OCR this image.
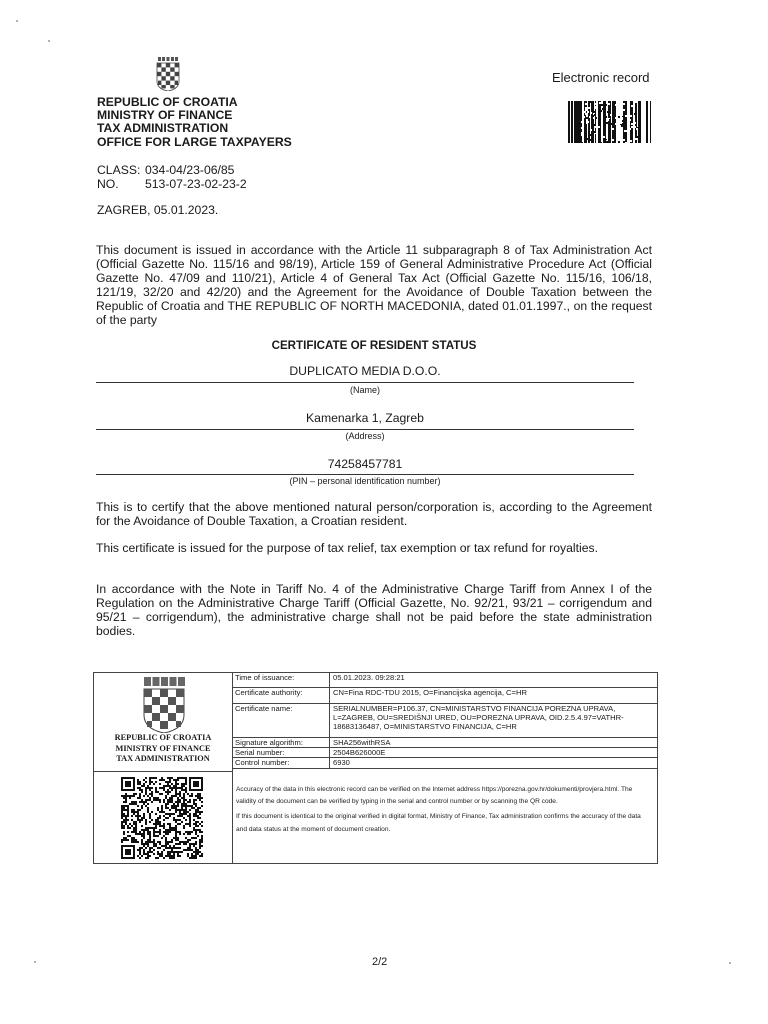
REPUBLIC OF CROATIA
MINISTRY OF FINANCE
TAX ADMINISTRATION
OFFICE FOR LARGE TAXPAYERS
Electronic record
CLASS: 034-04/23-06/85
NO. 513-07-23-02-23-2
ZAGREB, 05.01.2023.
This document is issued in accordance with the Article 11 subparagraph 8 of Tax Administration Act (Official Gazette No. 115/16 and 98/19), Article 159 of General Administrative Procedure Act (Official Gazette No. 47/09 and 110/21), Article 4 of General Tax Act (Official Gazette No. 115/16, 106/18, 121/19, 32/20 and 42/20) and the Agreement for the Avoidance of Double Taxation between the Republic of Croatia and THE REPUBLIC OF NORTH MACEDONIA, dated 01.01.1997., on the request of the party
CERTIFICATE OF RESIDENT STATUS
DUPLICATO MEDIA D.O.O.
(Name)
Kamenarka 1, Zagreb
(Address)
74258457781
(PIN – personal identification number)
This is to certify that the above mentioned natural person/corporation is, according to the Agreement for the Avoidance of Double Taxation, a Croatian resident.
This certificate is issued for the purpose of tax relief, tax exemption or tax refund for royalties.
In accordance with the Note in Tariff No. 4 of the Administrative Charge Tariff from Annex I of the Regulation on the Administrative Charge Tariff (Official Gazette, No. 92/21, 93/21 – corrigendum and 95/21 – corrigendum), the administrative charge shall not be paid before the state administration bodies.
REPUBLIC OF CROATIA
MINISTRY OF FINANCE
TAX ADMINISTRATION
Time of issuance:	05.01.2023. 09:28:21
Certificate authority:	CN=Fina RDC-TDU 2015, O=Financijska agencija, C=HR
Certificate name:	SERIALNUMBER=P106.37, CN=MINISTARSTVO FINANCIJA POREZNA UPRAVA, L=ZAGREB, OU=SREDIŠNJI URED, OU=POREZNA UPRAVA, OID.2.5.4.97=VATHR-18683136487, O=MINISTARSTVO FINANCIJA, C=HR
Signature algorithm:	SHA256withRSA
Serial number:	2504B626000E
Control number:	6930
Accuracy of the data in this electronic record can be verified on the Internet address https://porezna.gov.hr/dokumenti/provjera.html. The validity of the document can be verified by typing in the serial and control number or by scanning the QR code.
If this document is identical to the original verified in digital format, Ministry of Finance, Tax administration confirms the accuracy of the data and data status at the moment of document creation.
2/2
